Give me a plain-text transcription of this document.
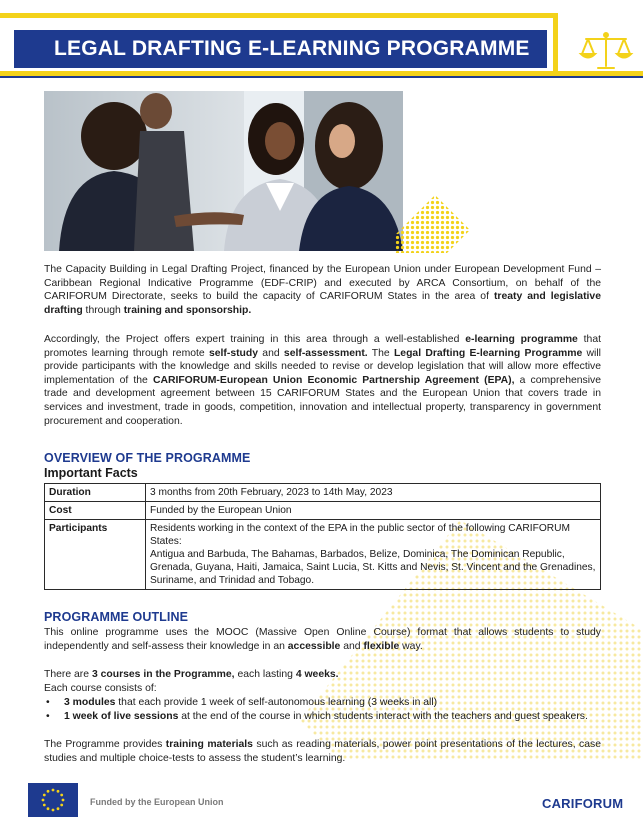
LEGAL DRAFTING E-LEARNING PROGRAMME

The Capacity Building in Legal Drafting Project, financed by the European Union under European Development Fund – Caribbean Regional Indicative Programme (EDF-CRIP) and executed by ARCA Consortium, on behalf of the CARIFORUM Directorate, seeks to build the capacity of CARIFORUM States in the area of treaty and legislative drafting through training and sponsorship.

Accordingly, the Project offers expert training in this area through a well-established e-learning programme that promotes learning through remote self-study and self-assessment. The Legal Drafting E-learning Programme will provide participants with the knowledge and skills needed to revise or develop legislation that will allow more effective implementation of the CARIFORUM-European Union Economic Partnership Agreement (EPA), a comprehensive trade and development agreement between 15 CARIFORUM States and the European Union that covers trade in services and investment, trade in goods, competition, innovation and intellectual property, transparency in government procurement and cooperation.

OVERVIEW OF THE PROGRAMME
Important Facts
Duration	3 months from 20th February, 2023 to 14th May, 2023
Cost	Funded by the European Union
Participants	Residents working in the context of the EPA in the public sector of the following CARIFORUM States:
Antigua and Barbuda, The Bahamas, Barbados, Belize, Dominica, The Dominican Republic, Grenada, Guyana, Haiti, Jamaica, Saint Lucia, St. Kitts and Nevis, St. Vincent and the Grenadines, Suriname, and Trinidad and Tobago.
PROGRAMME OUTLINE

This online programme uses the MOOC (Massive Open Online Course) format that allows students to study independently and self-assess their knowledge in an accessible and flexible way.

There are 3 courses in the Programme, each lasting 4 weeks.
Each course consists of:

• 3 modules that each provide 1 week of self-autonomous learning (3 weeks in all)
• 1 week of live sessions at the end of the course in which students interact with the teachers and guest speakers.

The Programme provides training materials such as reading materials, power point presentations of the lectures, case studies and multiple choice-tests to assess the student’s learning.

Funded by the European Union	CARIFORUM
